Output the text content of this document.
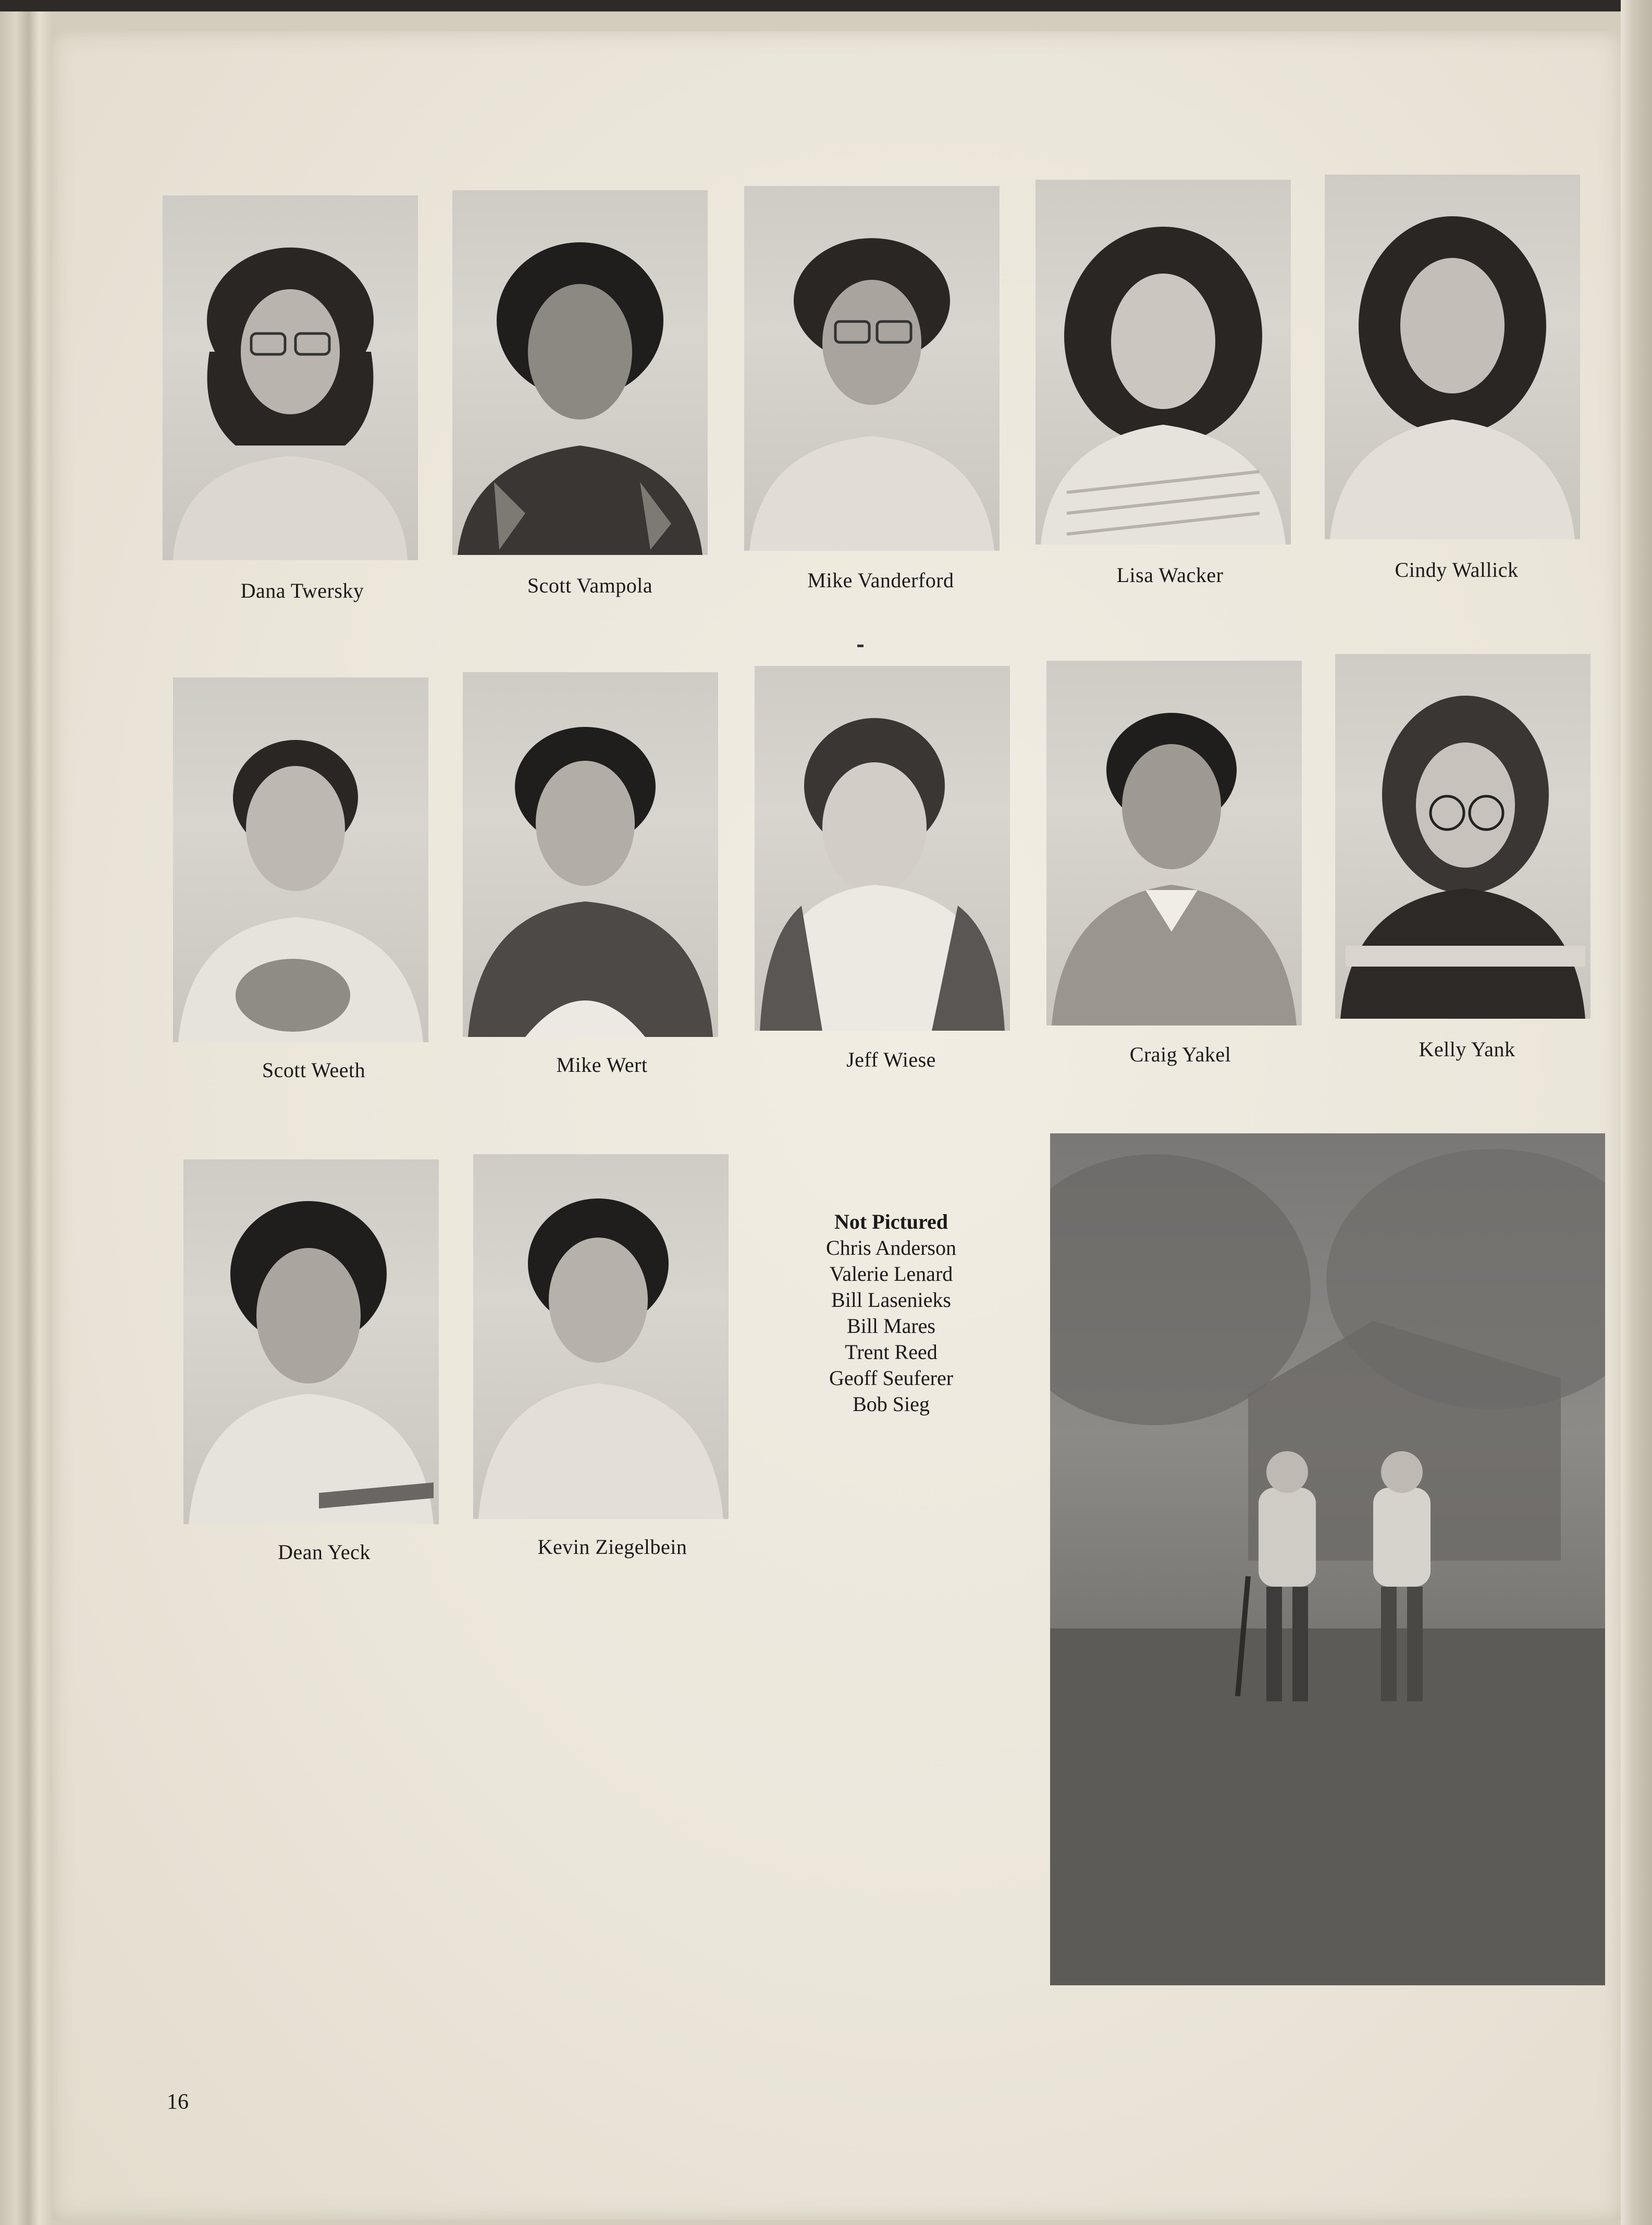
Dana Twersky	Scott Vampola	Mike Vanderford	Lisa Wacker	Cindy Wallick
Scott Weeth	Mike Wert	Jeff Wiese	Craig Yakel	Kelly Yank
Dean Yeck	Kevin Ziegelbein
Not Pictured
Chris Anderson
Valerie Lenard
Bill Lasenieks
Bill Mares
Trent Reed
Geoff Seuferer
Bob Sieg
16
